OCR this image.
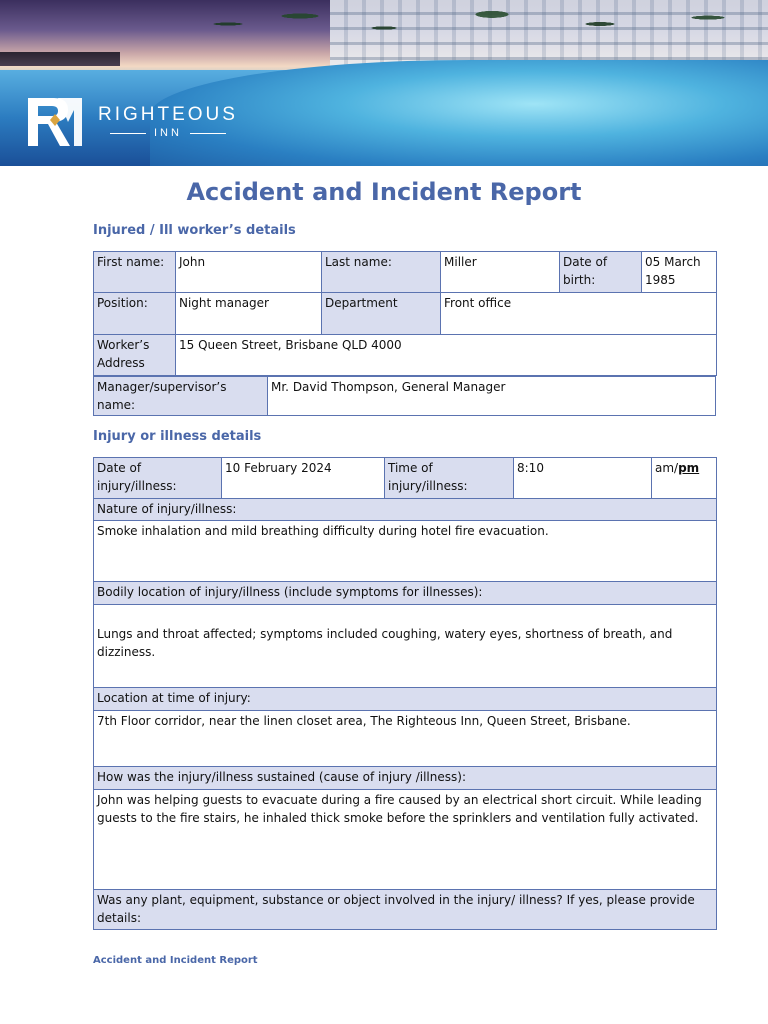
RIGHTEOUS
INN
Accident and Incident Report
Injured / Ill worker’s details
First name:	John	Last name:	Miller	Date of birth:	05 March 1985
Position:	Night manager	Department	Front office		
Worker’s Address	15 Queen Street, Brisbane QLD 4000				
Manager/supervisor’s name:	Mr. David Thompson, General Manager
Injury or illness details
Date of injury/illness:	10 February 2024	Time of injury/illness:	8:10	am/pm
Nature of injury/illness:
Smoke inhalation and mild breathing difficulty during hotel fire evacuation.
Bodily location of injury/illness (include symptoms for illnesses):
Lungs and throat affected; symptoms included coughing, watery eyes, shortness of breath, and dizziness.
Location at time of injury:
7th Floor corridor, near the linen closet area, The Righteous Inn, Queen Street, Brisbane.
How was the injury/illness sustained (cause of injury /illness):
John was helping guests to evacuate during a fire caused by an electrical short circuit. While leading guests to the fire stairs, he inhaled thick smoke before the sprinklers and ventilation fully activated.
Was any plant, equipment, substance or object involved in the injury/ illness? If yes, please provide details:
Accident and Incident Report
